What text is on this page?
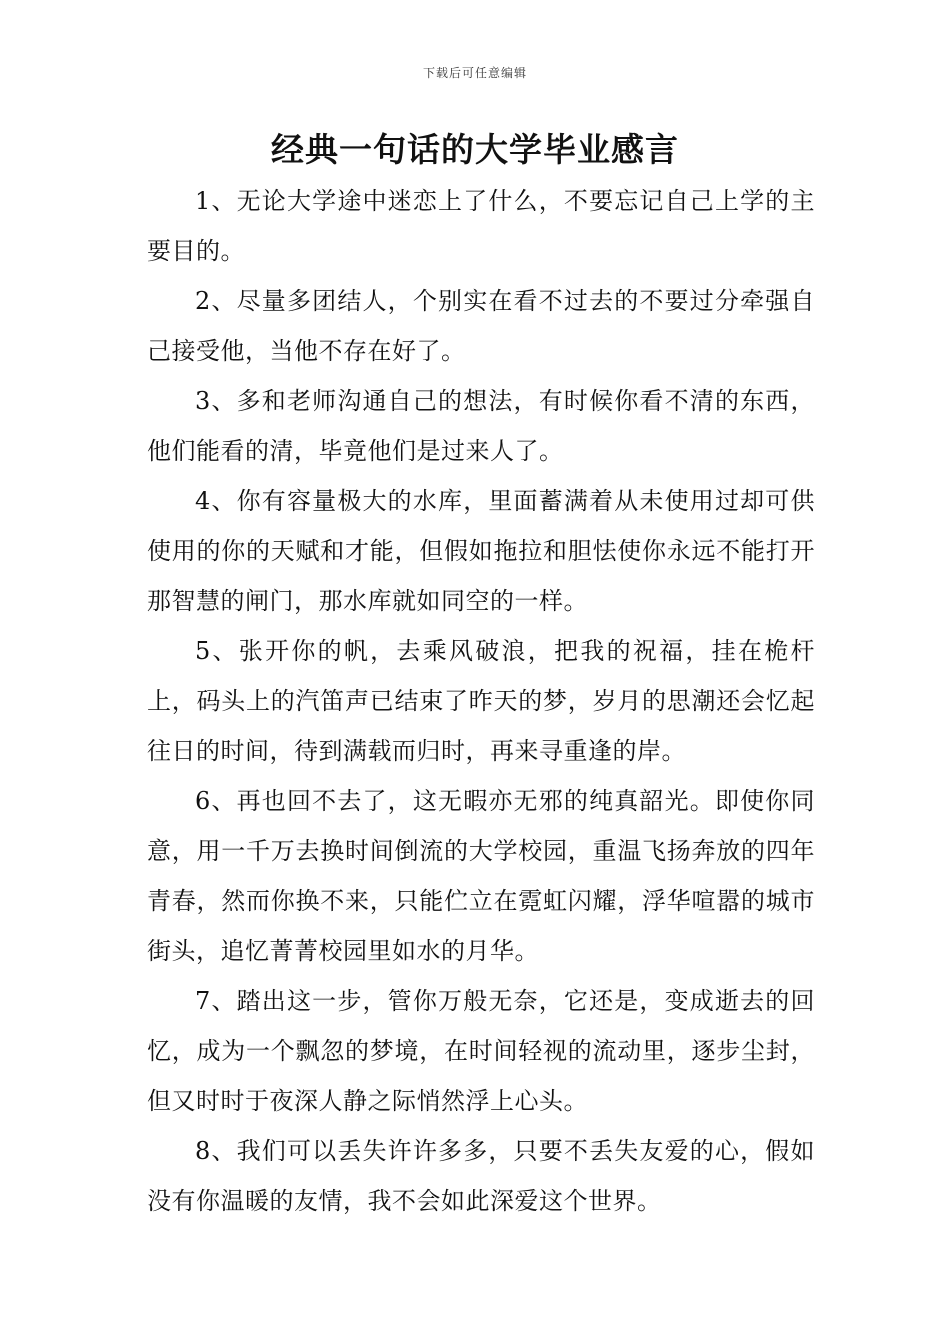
下载后可任意编辑
经典一句话的大学毕业感言

1、无论大学途中迷恋上了什么，不要忘记自己上学的主要目的。

2、尽量多团结人，个别实在看不过去的不要过分牵强自己接受他，当他不存在好了。

3、多和老师沟通自己的想法，有时候你看不清的东西，他们能看的清，毕竟他们是过来人了。

4、你有容量极大的水库，里面蓄满着从未使用过却可供使用的你的天赋和才能，但假如拖拉和胆怯使你永远不能打开那智慧的闸门，那水库就如同空的一样。

5、张开你的帆，去乘风破浪，把我的祝福，挂在桅杆上，码头上的汽笛声已结束了昨天的梦，岁月的思潮还会忆起往日的时间，待到满载而归时，再来寻重逢的岸。

6、再也回不去了，这无暇亦无邪的纯真韶光。即使你同意，用一千万去换时间倒流的大学校园，重温飞扬奔放的四年青春，然而你换不来，只能伫立在霓虹闪耀，浮华喧嚣的城市街头，追忆菁菁校园里如水的月华。

7、踏出这一步，管你万般无奈，它还是，变成逝去的回忆，成为一个飘忽的梦境，在时间轻视的流动里，逐步尘封，但又时时于夜深人静之际悄然浮上心头。

8、我们可以丢失许许多多，只要不丢失友爱的心，假如没有你温暖的友情，我不会如此深爱这个世界。
